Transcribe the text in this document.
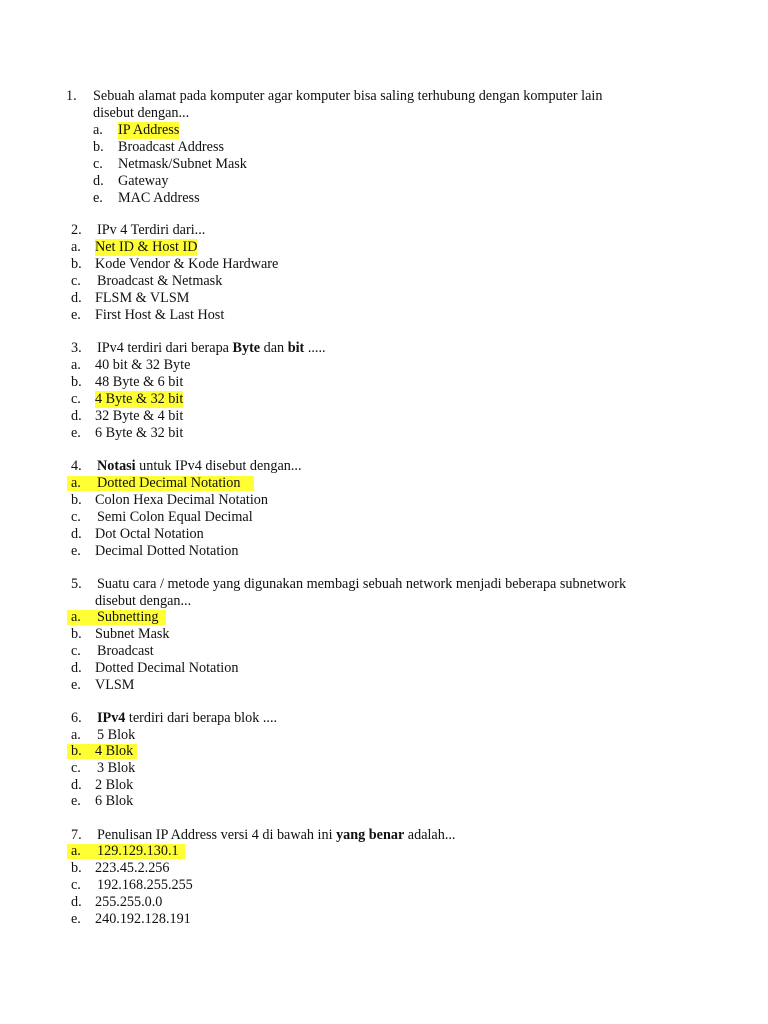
1. Sebuah alamat pada komputer agar komputer bisa saling terhubung dengan komputer lain
disebut dengan...
a. IP Address
b. Broadcast Address
c. Netmask/Subnet Mask
d. Gateway
e. MAC Address
2. IPv 4 Terdiri dari...
a. Net ID & Host ID
b. Kode Vendor & Kode Hardware
c. Broadcast & Netmask
d. FLSM & VLSM
e. First Host & Last Host
3. IPv4 terdiri dari berapa Byte dan bit .....
a. 40 bit & 32 Byte
b. 48 Byte & 6 bit
c. 4 Byte & 32 bit
d. 32 Byte & 4 bit
e. 6 Byte & 32 bit
4. Notasi untuk IPv4 disebut dengan...
a. Dotted Decimal Notation
b. Colon Hexa Decimal Notation
c. Semi Colon Equal Decimal
d. Dot Octal Notation
e. Decimal Dotted Notation
5. Suatu cara / metode yang digunakan membagi sebuah network menjadi beberapa subnetwork
disebut dengan...
a. Subnetting
b. Subnet Mask
c. Broadcast
d. Dotted Decimal Notation
e. VLSM
6. IPv4 terdiri dari berapa blok ....
a. 5 Blok
b. 4 Blok
c. 3 Blok
d. 2 Blok
e. 6 Blok
7. Penulisan IP Address versi 4 di bawah ini yang benar adalah...
a. 129.129.130.1
b. 223.45.2.256
c. 192.168.255.255
d. 255.255.0.0
e. 240.192.128.191
